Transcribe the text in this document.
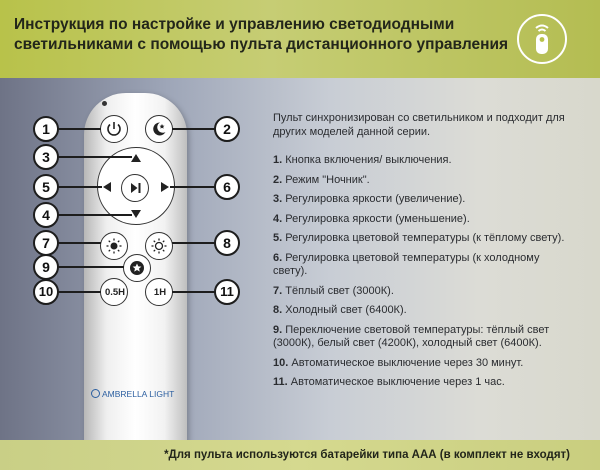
Инструкция по настройке и управлению светодиодными светильниками с помощью пульта дистанционного управления
0.5H	1H
AMBRELLA LIGHT
1	2
3
4
5	6
7	8
9
10	11
Пульт синхронизирован со светильником и подходит для других моделей данной серии.
1. Кнопка включения/ выключения.
2. Режим "Ночник".
3. Регулировка яркости (увеличение).
4. Регулировка яркости (уменьшение).
5. Регулировка цветовой температуры (к тёплому свету).
6. Регулировка цветовой температуры (к холодному свету).
7. Тёплый свет (3000К).
8. Холодный свет (6400К).
9. Переключение световой температуры: тёплый свет (3000К), белый свет (4200К), холодный свет (6400К).
10. Автоматическое выключение через 30 минут.
11. Автоматическое выключение через 1 час.
*Для пульта используются батарейки типа ААА (в комплект не входят)
